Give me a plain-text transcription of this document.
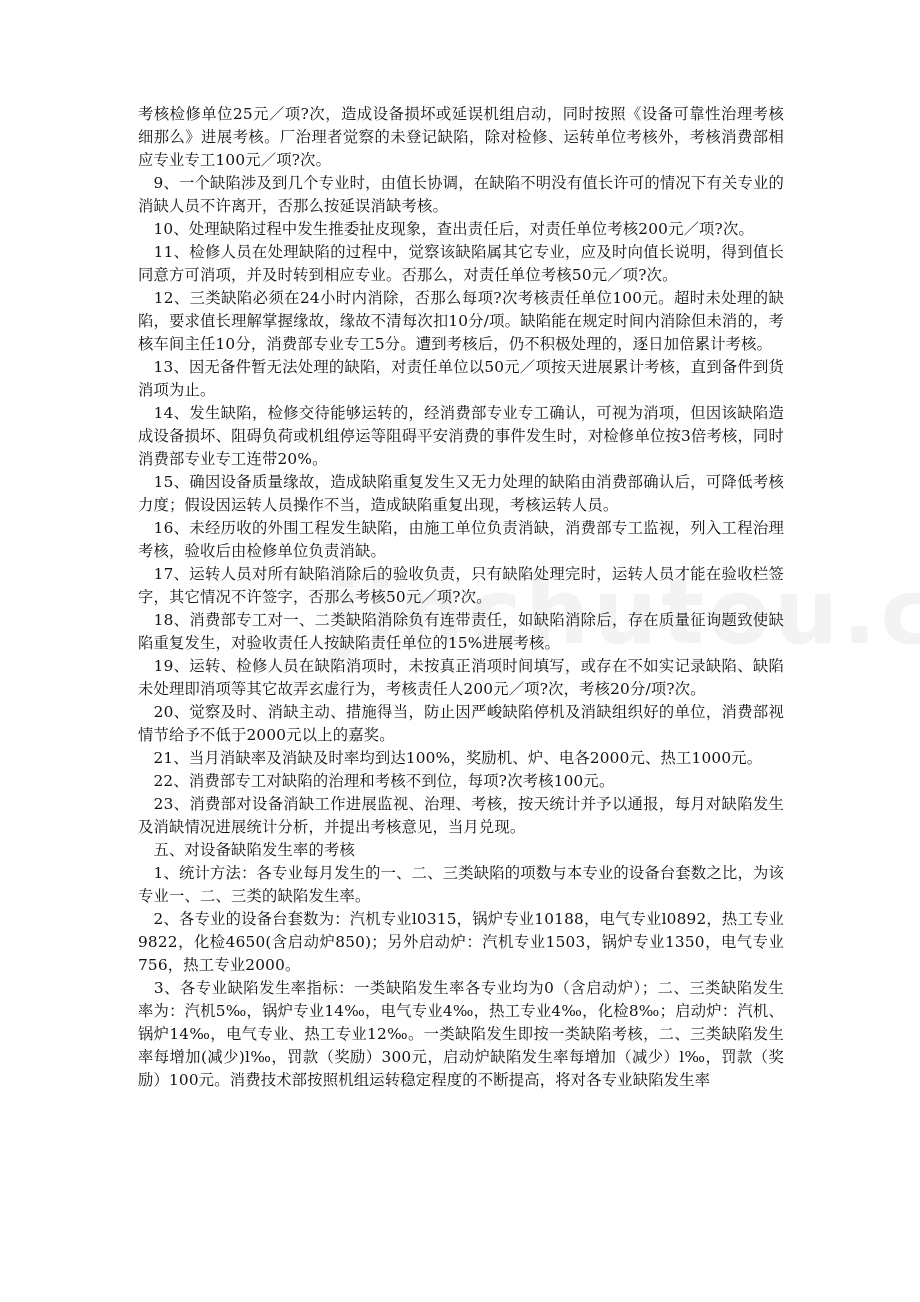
考核检修单位25元／项?次，造成设备损坏或延误机组启动，同时按照《设备可靠性治理考核细那么》进展考核。厂治理者觉察的未登记缺陷，除对检修、运转单位考核外，考核消费部相应专业专工100元／项?次。

　9、一个缺陷涉及到几个专业时，由值长协调，在缺陷不明没有值长许可的情况下有关专业的消缺人员不许离开，否那么按延误消缺考核。

　10、处理缺陷过程中发生推委扯皮现象，查出责任后，对责任单位考核200元／项?次。

　11、检修人员在处理缺陷的过程中，觉察该缺陷属其它专业，应及时向值长说明，得到值长同意方可消项，并及时转到相应专业。否那么，对责任单位考核50元／项?次。

　12、三类缺陷必须在24小时内消除，否那么每项?次考核责任单位100元。超时未处理的缺陷，要求值长理解掌握缘故，缘故不清每次扣10分/项。缺陷能在规定时间内消除但未消的，考核车间主任10分，消费部专业专工5分。遭到考核后，仍不积极处理的，逐日加倍累计考核。

　13、因无备件暂无法处理的缺陷，对责任单位以50元／项按天进展累计考核，直到备件到货消项为止。

　14、发生缺陷，检修交待能够运转的，经消费部专业专工确认，可视为消项，但因该缺陷造成设备损坏、阻碍负荷或机组停运等阻碍平安消费的事件发生时，对检修单位按3倍考核，同时消费部专业专工连带20%。

　15、确因设备质量缘故，造成缺陷重复发生又无力处理的缺陷由消费部确认后，可降低考核力度；假设因运转人员操作不当，造成缺陷重复出现，考核运转人员。

　16、未经历收的外围工程发生缺陷，由施工单位负责消缺，消费部专工监视，列入工程治理考核，验收后由检修单位负责消缺。

　17、运转人员对所有缺陷消除后的验收负责，只有缺陷处理完时，运转人员才能在验收栏签字，其它情况不许签字，否那么考核50元／项?次。

　18、消费部专工对一、二类缺陷消除负有连带责任，如缺陷消除后，存在质量征询题致使缺陷重复发生，对验收责任人按缺陷责任单位的15%进展考核。

　19、运转、检修人员在缺陷消项时，未按真正消项时间填写，或存在不如实记录缺陷、缺陷未处理即消项等其它故弄玄虚行为，考核责任人200元／项?次，考核20分/项?次。

　20、觉察及时、消缺主动、措施得当，防止因严峻缺陷停机及消缺组织好的单位，消费部视情节给予不低于2000元以上的嘉奖。

　21、当月消缺率及消缺及时率均到达100%，奖励机、炉、电各2000元、热工1000元。

　22、消费部专工对缺陷的治理和考核不到位，每项?次考核100元。

　23、消费部对设备消缺工作进展监视、治理、考核，按天统计并予以通报，每月对缺陷发生及消缺情况进展统计分析，并提出考核意见，当月兑现。

　五、对设备缺陷发生率的考核

　1、统计方法：各专业每月发生的一、二、三类缺陷的项数与本专业的设备台套数之比，为该专业一、二、三类的缺陷发生率。

　2、各专业的设备台套数为：汽机专业l0315，锅炉专业10188，电气专业l0892，热工专业9822，化检4650(含启动炉850)；另外启动炉：汽机专业1503，锅炉专业1350，电气专业756，热工专业2000。

　3、各专业缺陷发生率指标：一类缺陷发生率各专业均为0（含启动炉）；二、三类缺陷发生率为：汽机5‰，锅炉专业14‰，电气专业4‰，热工专业4‰，化检8‰；启动炉：汽机、锅炉14‰，电气专业、热工专业12‰。一类缺陷发生即按一类缺陷考核，二、三类缺陷发生率每增加(减少)l‰，罚款（奖励）300元，启动炉缺陷发生率每增加（减少）l‰，罚款（奖励）100元。消费技术部按照机组运转稳定程度的不断提高，将对各专业缺陷发生率
